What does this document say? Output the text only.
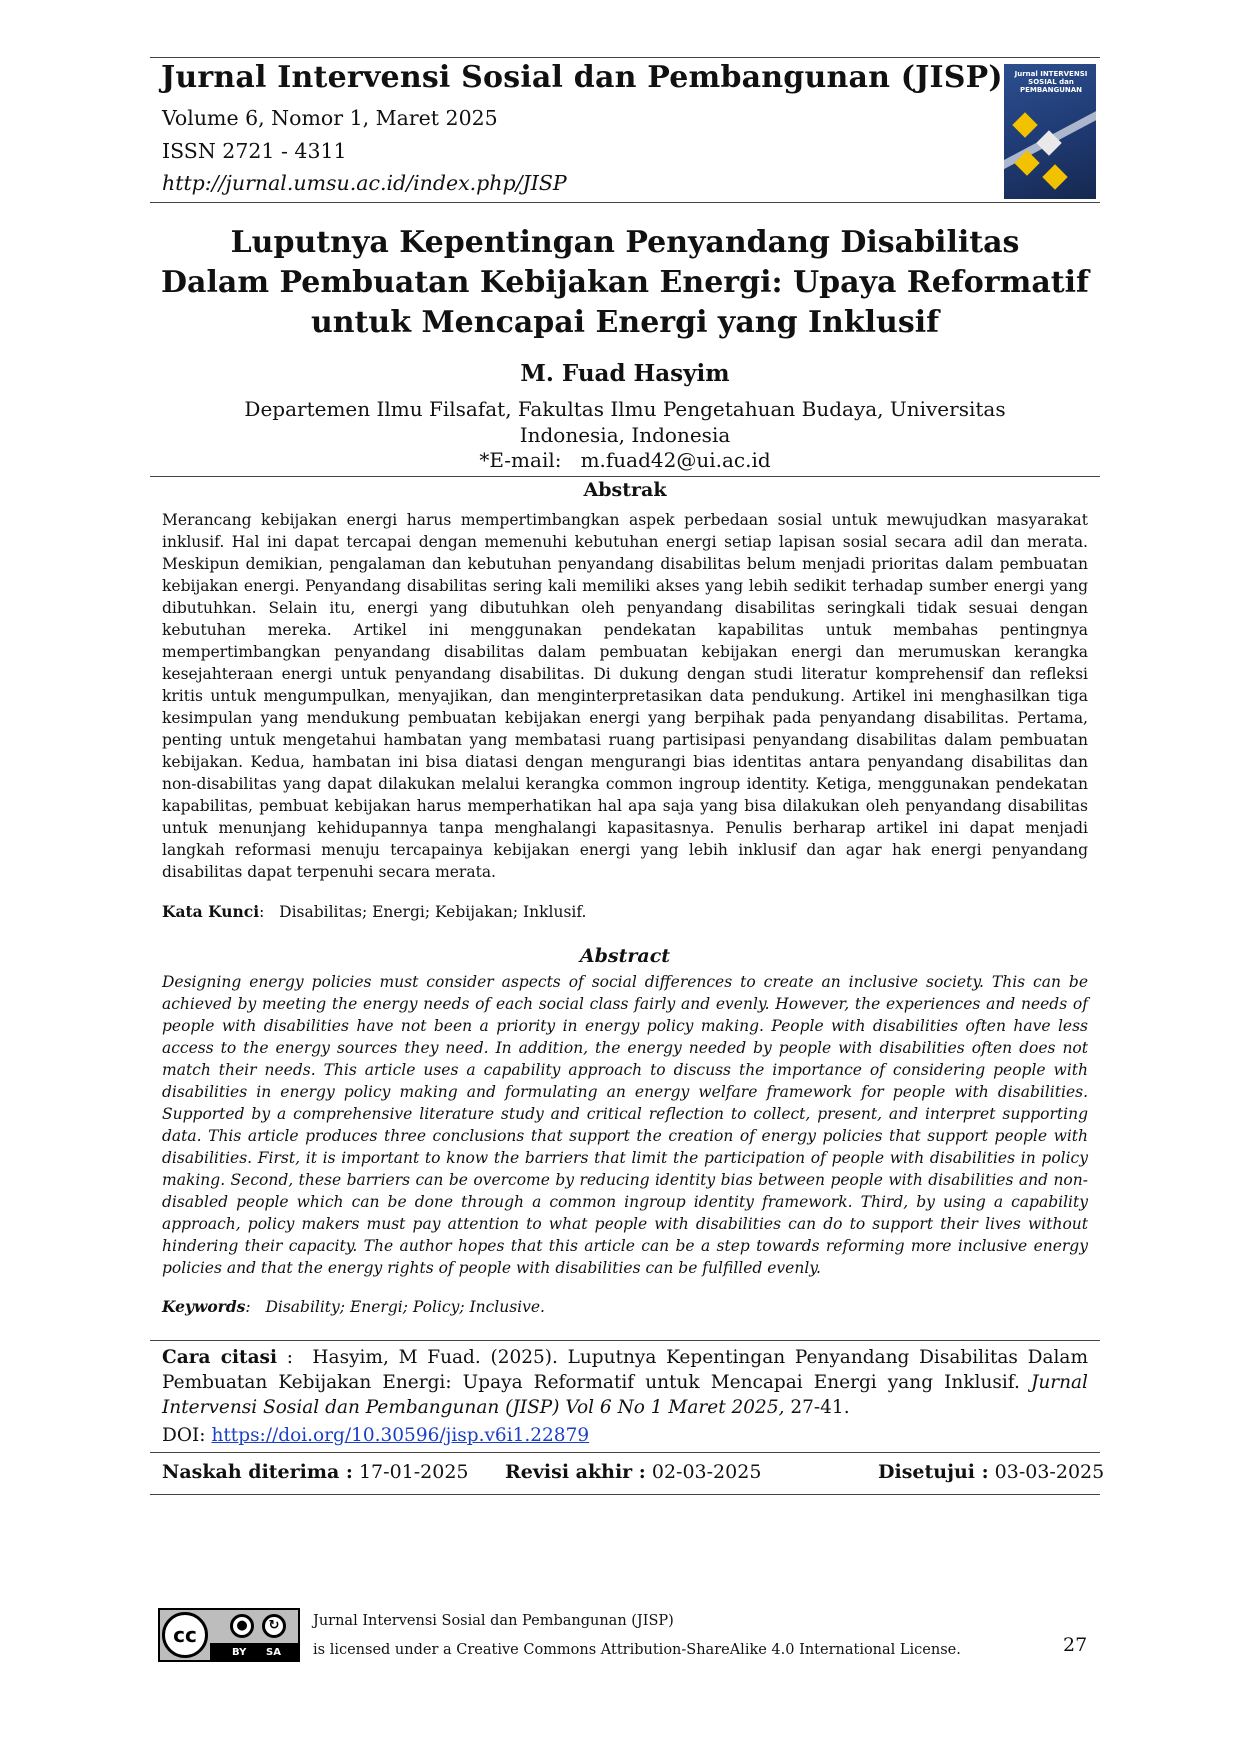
Jurnal Intervensi Sosial dan Pembangunan (JISP)
Volume 6, Nomor 1, Maret 2025
ISSN 2721 - 4311
http://jurnal.umsu.ac.id/index.php/JISP
Jurnal INTERVENSI SOSIAL dan PEMBANGUNAN
Luputnya Kepentingan Penyandang Disabilitas
Dalam Pembuatan Kebijakan Energi: Upaya Reformatif
untuk Mencapai Energi yang Inklusif
M. Fuad Hasyim
Departemen Ilmu Filsafat, Fakultas Ilmu Pengetahuan Budaya, Universitas Indonesia, Indonesia
*E-mail: m.fuad42@ui.ac.id
Abstrak
Merancang kebijakan energi harus mempertimbangkan aspek perbedaan sosial untuk mewujudkan masyarakat inklusif. Hal ini dapat tercapai dengan memenuhi kebutuhan energi setiap lapisan sosial secara adil dan merata. Meskipun demikian, pengalaman dan kebutuhan penyandang disabilitas belum menjadi prioritas dalam pembuatan kebijakan energi. Penyandang disabilitas sering kali memiliki akses yang lebih sedikit terhadap sumber energi yang dibutuhkan. Selain itu, energi yang dibutuhkan oleh penyandang disabilitas seringkali tidak sesuai dengan kebutuhan mereka. Artikel ini menggunakan pendekatan kapabilitas untuk membahas pentingnya mempertimbangkan penyandang disabilitas dalam pembuatan kebijakan energi dan merumuskan kerangka kesejahteraan energi untuk penyandang disabilitas. Di dukung dengan studi literatur komprehensif dan refleksi kritis untuk mengumpulkan, menyajikan, dan menginterpretasikan data pendukung. Artikel ini menghasilkan tiga kesimpulan yang mendukung pembuatan kebijakan energi yang berpihak pada penyandang disabilitas. Pertama, penting untuk mengetahui hambatan yang membatasi ruang partisipasi penyandang disabilitas dalam pembuatan kebijakan. Kedua, hambatan ini bisa diatasi dengan mengurangi bias identitas antara penyandang disabilitas dan non-disabilitas yang dapat dilakukan melalui kerangka common ingroup identity. Ketiga, menggunakan pendekatan kapabilitas, pembuat kebijakan harus memperhatikan hal apa saja yang bisa dilakukan oleh penyandang disabilitas untuk menunjang kehidupannya tanpa menghalangi kapasitasnya. Penulis berharap artikel ini dapat menjadi langkah reformasi menuju tercapainya kebijakan energi yang lebih inklusif dan agar hak energi penyandang disabilitas dapat terpenuhi secara merata.
Kata Kunci:   Disabilitas; Energi; Kebijakan; Inklusif.
Abstract
Designing energy policies must consider aspects of social differences to create an inclusive society. This can be achieved by meeting the energy needs of each social class fairly and evenly. However, the experiences and needs of people with disabilities have not been a priority in energy policy making. People with disabilities often have less access to the energy sources they need. In addition, the energy needed by people with disabilities often does not match their needs. This article uses a capability approach to discuss the importance of considering people with disabilities in energy policy making and formulating an energy welfare framework for people with disabilities. Supported by a comprehensive literature study and critical reflection to collect, present, and interpret supporting data. This article produces three conclusions that support the creation of energy policies that support people with disabilities. First, it is important to know the barriers that limit the participation of people with disabilities in policy making. Second, these barriers can be overcome by reducing identity bias between people with disabilities and non-disabled people which can be done through a common ingroup identity framework. Third, by using a capability approach, policy makers must pay attention to what people with disabilities can do to support their lives without hindering their capacity. The author hopes that this article can be a step towards reforming more inclusive energy policies and that the energy rights of people with disabilities can be fulfilled evenly.
Keywords:   Disability; Energi; Policy; Inclusive.
Cara citasi :  Hasyim, M Fuad. (2025). Luputnya Kepentingan Penyandang Disabilitas Dalam Pembuatan Kebijakan Energi: Upaya Reformatif untuk Mencapai Energi yang Inklusif. Jurnal Intervensi Sosial dan Pembangunan (JISP) Vol 6 No 1 Maret 2025, 27-41.
DOI: https://doi.org/10.30596/jisp.v6i1.22879
Naskah diterima : 17-01-2025 Revisi akhir : 02-03-2025	Disetujui : 03-03-2025
cc	●	↻
BY SA
Jurnal Intervensi Sosial dan Pembangunan (JISP)
is licensed under a Creative Commons Attribution-ShareAlike 4.0 International License.	27
